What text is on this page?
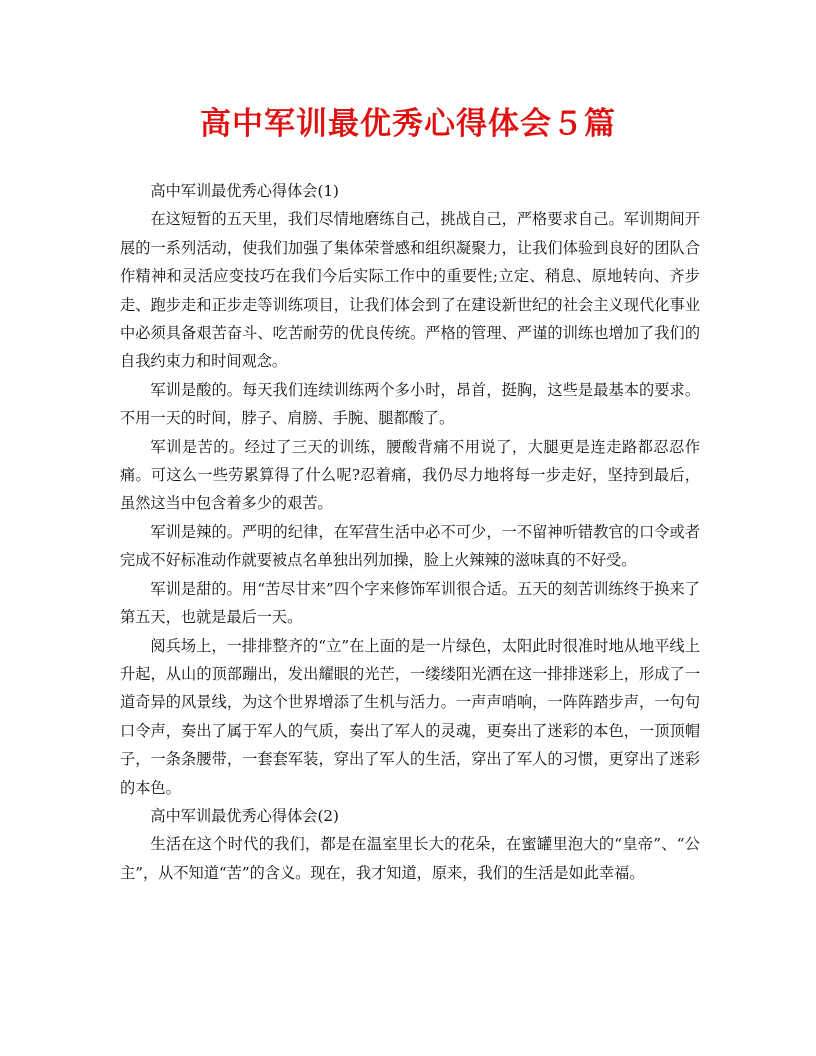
高中军训最优秀心得体会５篇

高中军训最优秀心得体会(1)

在这短暂的五天里，我们尽情地磨练自己，挑战自己，严格要求自己。军训期间开展的一系列活动，使我们加强了集体荣誉感和组织凝聚力，让我们体验到良好的团队合作精神和灵活应变技巧在我们今后实际工作中的重要性;立定、稍息、原地转向、齐步走、跑步走和正步走等训练项目，让我们体会到了在建设新世纪的社会主义现代化事业中必须具备艰苦奋斗、吃苦耐劳的优良传统。严格的管理、严谨的训练也增加了我们的自我约束力和时间观念。

军训是酸的。每天我们连续训练两个多小时，昂首，挺胸，这些是最基本的要求。不用一天的时间，脖子、肩膀、手腕、腿都酸了。

军训是苦的。经过了三天的训练，腰酸背痛不用说了，大腿更是连走路都忍忍作痛。可这么一些劳累算得了什么呢?忍着痛，我仍尽力地将每一步走好，坚持到最后，虽然这当中包含着多少的艰苦。

军训是辣的。严明的纪律，在军营生活中必不可少，一不留神听错教官的口令或者完成不好标准动作就要被点名单独出列加操，脸上火辣辣的滋味真的不好受。

军训是甜的。用“苦尽甘来”四个字来修饰军训很合适。五天的刻苦训练终于换来了第五天，也就是最后一天。

阅兵场上，一排排整齐的“立”在上面的是一片绿色，太阳此时很准时地从地平线上升起，从山的顶部蹦出，发出耀眼的光芒，一缕缕阳光洒在这一排排迷彩上，形成了一道奇异的风景线，为这个世界增添了生机与活力。一声声哨响，一阵阵踏步声，一句句口令声，奏出了属于军人的气质，奏出了军人的灵魂，更奏出了迷彩的本色，一顶顶帽子，一条条腰带，一套套军装，穿出了军人的生活，穿出了军人的习惯，更穿出了迷彩的本色。

高中军训最优秀心得体会(2)

生活在这个时代的我们，都是在温室里长大的花朵，在蜜罐里泡大的“皇帝”、“公主”，从不知道“苦”的含义。现在，我才知道，原来，我们的生活是如此幸福。
